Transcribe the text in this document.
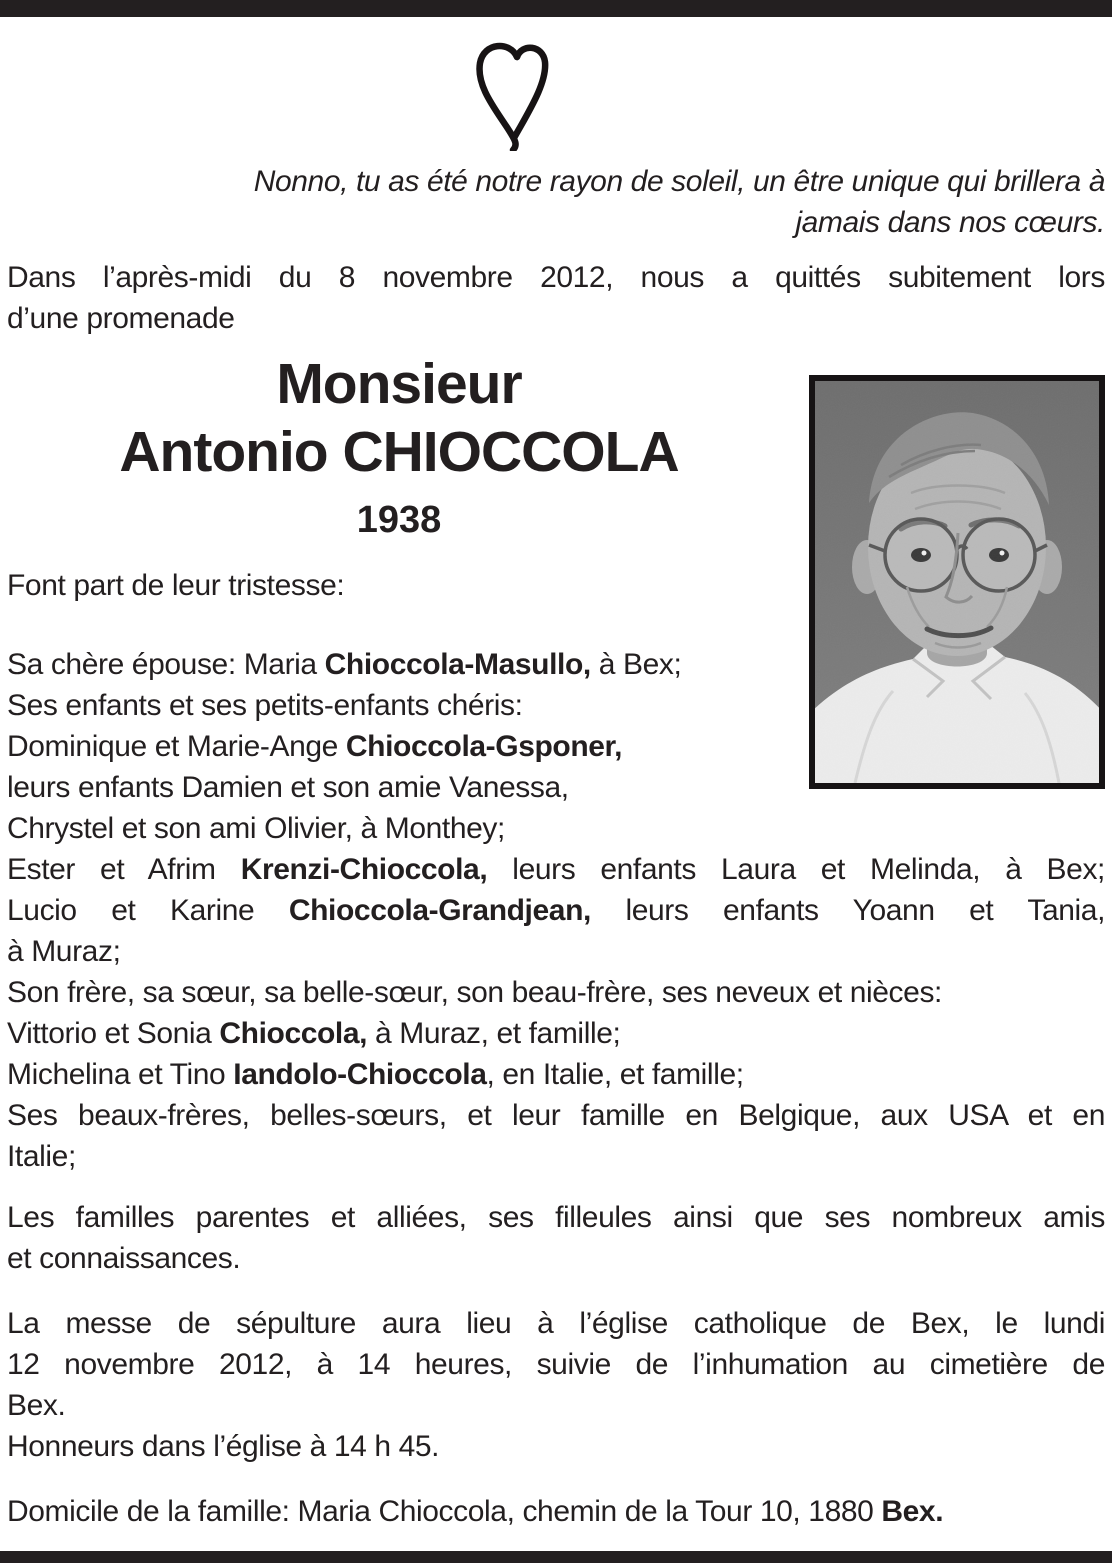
Nonno, tu as été notre rayon de soleil, un être unique qui brillera à
jamais dans nos cœurs.
Dans l’après-midi du 8 novembre 2012, nous a quittés subitement lors
d’une promenade
Monsieur
Antonio CHIOCCOLA
1938
Font part de leur tristesse:
Sa chère épouse: Maria Chioccola-Masullo, à Bex;
Ses enfants et ses petits-enfants chéris:
Dominique et Marie-Ange Chioccola-Gsponer,
leurs enfants Damien et son amie Vanessa,
Chrystel et son ami Olivier, à Monthey;
Ester et Afrim Krenzi-Chioccola, leurs enfants Laura et Melinda, à Bex;
Lucio et Karine Chioccola-Grandjean, leurs enfants Yoann et Tania,
à Muraz;
Son frère, sa sœur, sa belle-sœur, son beau-frère, ses neveux et nièces:
Vittorio et Sonia Chioccola, à Muraz, et famille;
Michelina et Tino Iandolo-Chioccola, en Italie, et famille;
Ses beaux-frères, belles-sœurs, et leur famille en Belgique, aux USA et en
Italie;
Les familles parentes et alliées, ses filleules ainsi que ses nombreux amis
et connaissances.
La messe de sépulture aura lieu à l’église catholique de Bex, le lundi
12 novembre 2012, à 14 heures, suivie de l’inhumation au cimetière de
Bex.
Honneurs dans l’église à 14 h 45.
Domicile de la famille: Maria Chioccola, chemin de la Tour 10, 1880 Bex.
